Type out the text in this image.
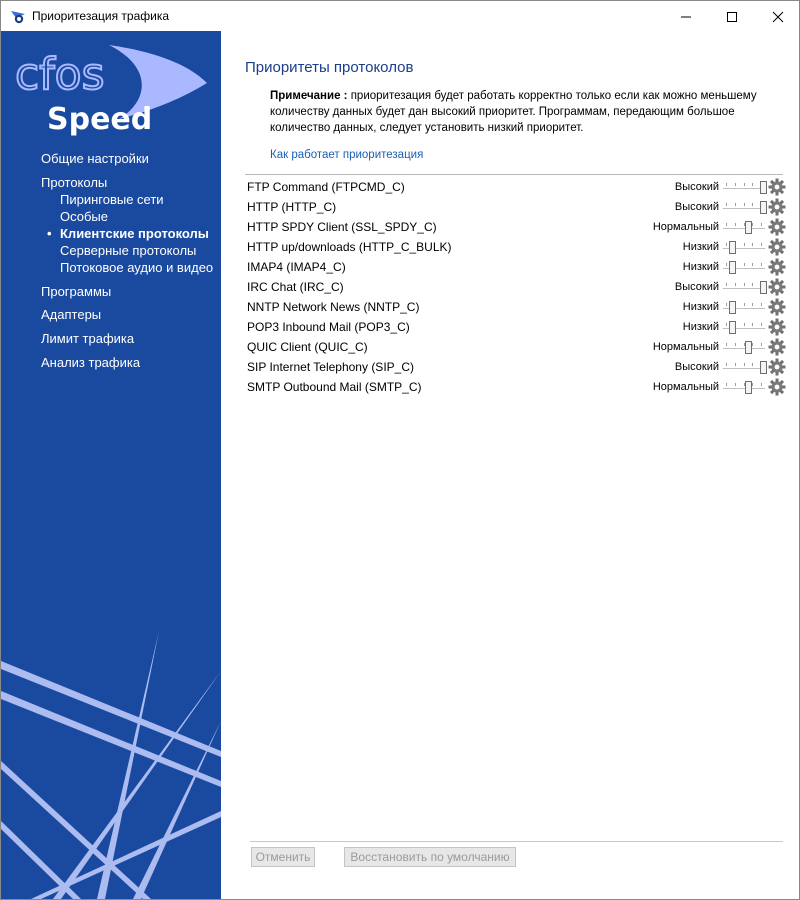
Приоритезация трафика
cfos
Speed
Общие настройки
Протоколы
Пиринговые сети
Особые
• Клиентские протоколы
Серверные протоколы
Потоковое аудио и видео
Программы
Адаптеры
Лимит трафика
Анализ трафика
Приоритеты протоколов
Примечание : приоритезация будет работать корректно только если как можно меньшему количеству данных будет дан высокий приоритет. Программам, передающим большое количество данных, следует установить низкий приоритет.
Как работает приоритезация
FTP Command (FTPCMD_C)	Высокий
HTTP (HTTP_C)	Высокий
HTTP SPDY Client (SSL_SPDY_C)	Нормальный
HTTP up/downloads (HTTP_C_BULK)	Низкий
IMAP4 (IMAP4_C)	Низкий
IRC Chat (IRC_C)	Высокий
NNTP Network News (NNTP_C)	Низкий
POP3 Inbound Mail (POP3_C)	Низкий
QUIC Client (QUIC_C)	Нормальный
SIP Internet Telephony (SIP_C)	Высокий
SMTP Outbound Mail (SMTP_C)	Нормальный
Отменить	Восстановить по умолчанию
